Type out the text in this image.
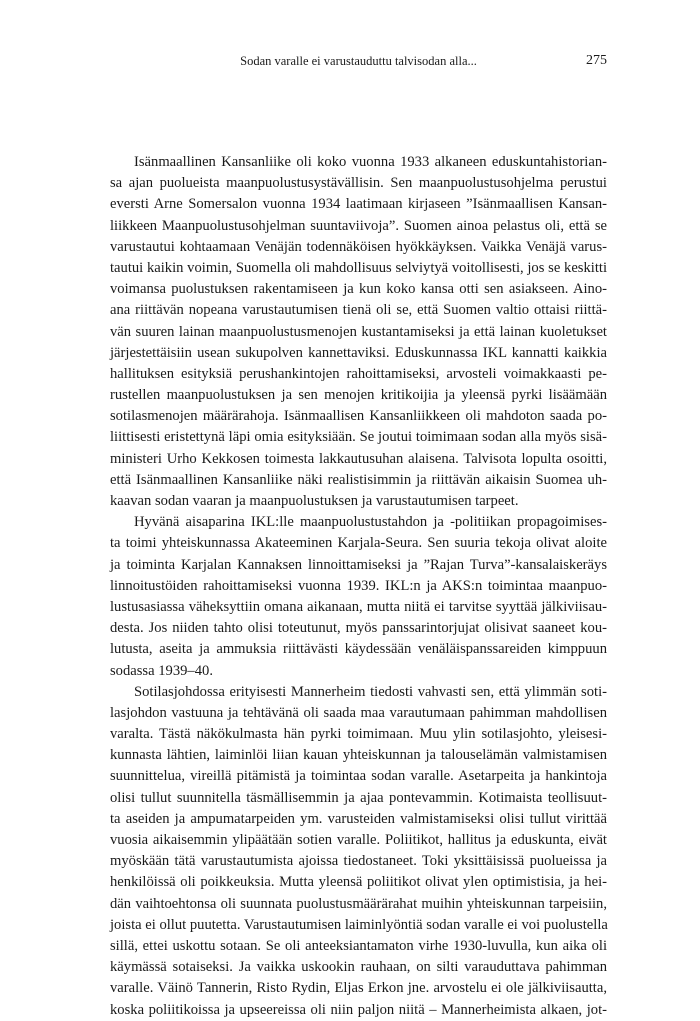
Sodan varalle ei varustauduttu talvisodan alla...	275
Isänmaallinen Kansanliike oli koko vuonna 1933 alkaneen eduskuntahistorian-
sa ajan puolueista maanpuolustusystävällisin. Sen maanpuolustusohjelma perustui
eversti Arne Somersalon vuonna 1934 laatimaan kirjaseen ”Isänmaallisen Kansan-
liikkeen Maanpuolustusohjelman suuntaviivoja”. Suomen ainoa pelastus oli, että se
varustautui kohtaamaan Venäjän todennäköisen hyökkäyksen. Vaikka Venäjä varus-
tautui kaikin voimin, Suomella oli mahdollisuus selviytyä voitollisesti, jos se keskitti
voimansa puolustuksen rakentamiseen ja kun koko kansa otti sen asiakseen. Aino-
ana riittävän nopeana varustautumisen tienä oli se, että Suomen valtio ottaisi riittä-
vän suuren lainan maanpuolustusmenojen kustantamiseksi ja että lainan kuoletukset
järjestettäisiin usean sukupolven kannettaviksi. Eduskunnassa IKL kannatti kaikkia
hallituksen esityksiä perushankintojen rahoittamiseksi, arvosteli voimakkaasti pe-
rustellen maanpuolustuksen ja sen menojen kritikoijia ja yleensä pyrki lisäämään
sotilasmenojen määrärahoja. Isänmaallisen Kansanliikkeen oli mahdoton saada po-
liittisesti eristettynä läpi omia esityksiään. Se joutui toimimaan sodan alla myös sisä-
ministeri Urho Kekkosen toimesta lakkautusuhan alaisena. Talvisota lopulta osoitti,
että Isänmaallinen Kansanliike näki realistisimmin ja riittävän aikaisin Suomea uh-
kaavan sodan vaaran ja maanpuolustuksen ja varustautumisen tarpeet.
Hyvänä aisaparina IKL:lle maanpuolustustahdon ja -politiikan propagoimises-
ta toimi yhteiskunnassa Akateeminen Karjala-Seura. Sen suuria tekoja olivat aloite
ja toiminta Karjalan Kannaksen linnoittamiseksi ja ”Rajan Turva”-kansalaiskeräys
linnoitustöiden rahoittamiseksi vuonna 1939. IKL:n ja AKS:n toimintaa maanpuo-
lustusasiassa väheksyttiin omana aikanaan, mutta niitä ei tarvitse syyttää jälkiviisau-
desta. Jos niiden tahto olisi toteutunut, myös panssarintorjujat olisivat saaneet kou-
lutusta, aseita ja ammuksia riittävästi käydessään venäläispanssareiden kimppuun
sodassa 1939–40.
Sotilasjohdossa erityisesti Mannerheim tiedosti vahvasti sen, että ylimmän soti-
lasjohdon vastuuna ja tehtävänä oli saada maa varautumaan pahimman mahdollisen
varalta. Tästä näkökulmasta hän pyrki toimimaan. Muu ylin sotilasjohto, yleisesi-
kunnasta lähtien, laiminlöi liian kauan yhteiskunnan ja talouselämän valmistamisen
suunnittelua, vireillä pitämistä ja toimintaa sodan varalle. Asetarpeita ja hankintoja
olisi tullut suunnitella täsmällisemmin ja ajaa pontevammin. Kotimaista teollisuut-
ta aseiden ja ampumatarpeiden ym. varusteiden valmistamiseksi olisi tullut virittää
vuosia aikaisemmin ylipäätään sotien varalle. Poliitikot, hallitus ja eduskunta, eivät
myöskään tätä varustautumista ajoissa tiedostaneet. Toki yksittäisissä puolueissa ja
henkilöissä oli poikkeuksia. Mutta yleensä poliitikot olivat ylen optimistisia, ja hei-
dän vaihtoehtonsa oli suunnata puolustusmäärärahat muihin yhteiskunnan tarpeisiin,
joista ei ollut puutetta. Varustautumisen laiminlyöntiä sodan varalle ei voi puolustella
sillä, ettei uskottu sotaan. Se oli anteeksiantamaton virhe 1930-luvulla, kun aika oli
käymässä sotaiseksi. Ja vaikka uskookin rauhaan, on silti varauduttava pahimman
varalle. Väinö Tannerin, Risto Rydin, Eljas Erkon jne. arvostelu ei ole jälkiviisautta,
koska poliitikoissa ja upseereissa oli niin paljon niitä – Mannerheimista alkaen, jot-
